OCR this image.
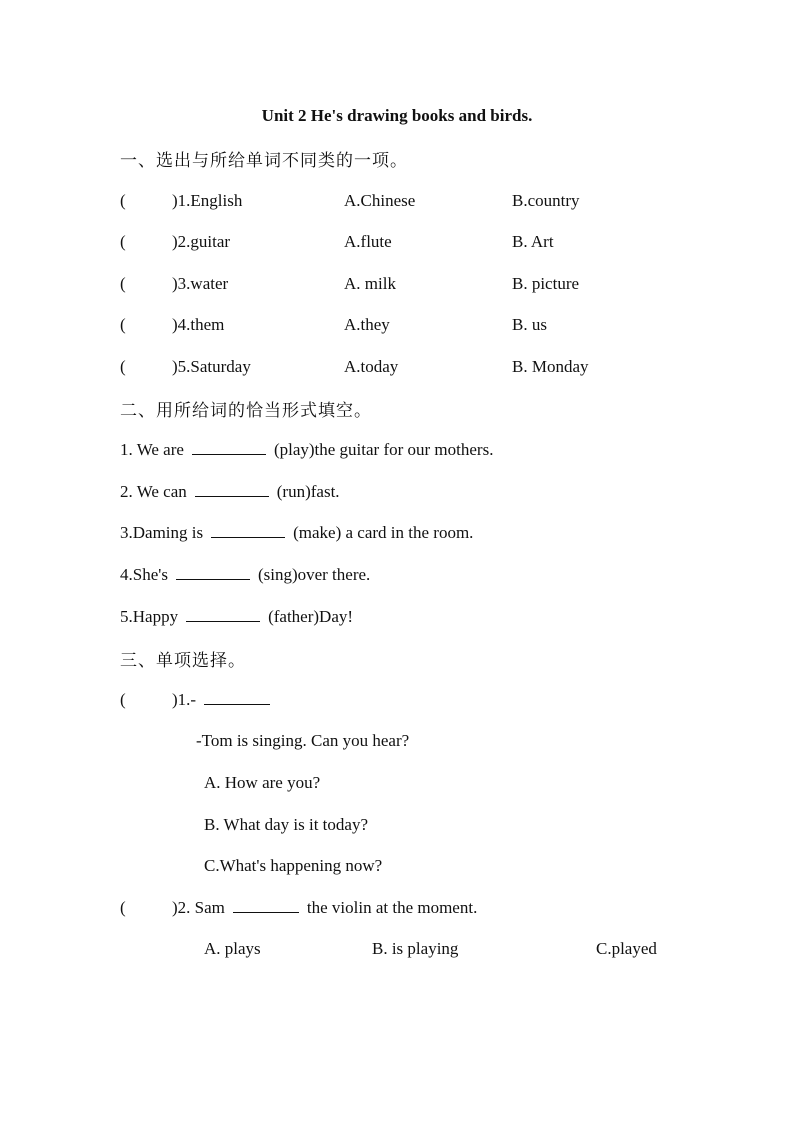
Unit 2 He's drawing books and birds.
一、选出与所给单词不同类的一项。
(	)1.English	A.Chinese	B.country
(	)2.guitar	A.flute	B. Art
(	)3.water	A. milk	B. picture
(	)4.them	A.they	B. us
(	)5.Saturday	A.today	B. Monday
二、用所给词的恰当形式填空。
1. We are	(play)the guitar for our mothers.
2. We can	(run)fast.
3.Daming is	(make) a card in the room.
4.She's	(sing)over there.
5.Happy	(father)Day!
三、单项选择。
(	)1.-
-Tom is singing. Can you hear?
A. How are you?
B. What day is it today?
C.What's happening now?
(	)2. Sam	the violin at the moment.
A. plays	B. is playing	C.played
